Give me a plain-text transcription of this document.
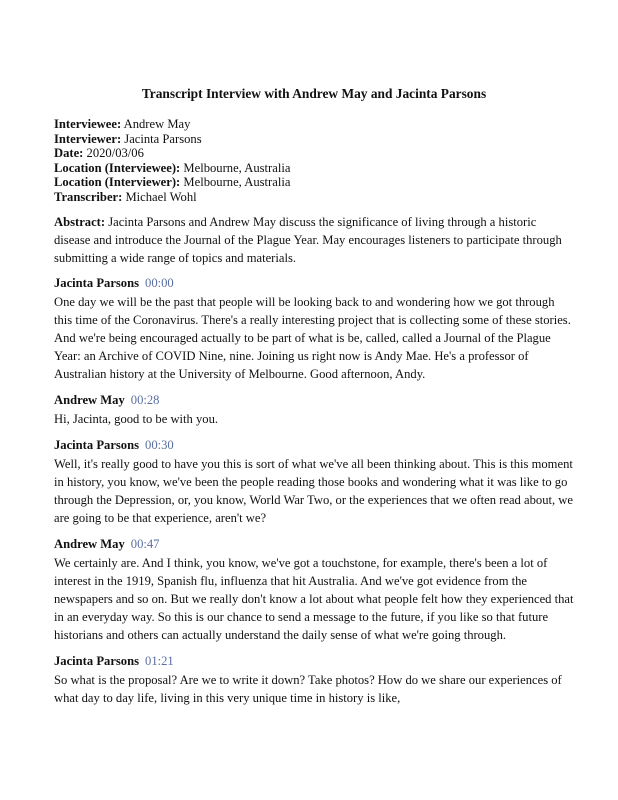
Transcript Interview with Andrew May and Jacinta Parsons
Interviewee: Andrew May
Interviewer: Jacinta Parsons
Date: 2020/03/06
Location (Interviewee): Melbourne, Australia
Location (Interviewer): Melbourne, Australia
Transcriber: Michael Wohl
Abstract: Jacinta Parsons and Andrew May discuss the significance of living through a historic disease and introduce the Journal of the Plague Year. May encourages listeners to participate through submitting a wide range of topics and materials.
Jacinta Parsons 00:00
One day we will be the past that people will be looking back to and wondering how we got through this time of the Coronavirus. There's a really interesting project that is collecting some of these stories. And we're being encouraged actually to be part of what is be, called, called a Journal of the Plague Year: an Archive of COVID Nine, nine. Joining us right now is Andy Mae. He's a professor of Australian history at the University of Melbourne. Good afternoon, Andy.
Andrew May 00:28
Hi, Jacinta, good to be with you.
Jacinta Parsons 00:30
Well, it's really good to have you this is sort of what we've all been thinking about. This is this moment in history, you know, we've been the people reading those books and wondering what it was like to go through the Depression, or, you know, World War Two, or the experiences that we often read about, we are going to be that experience, aren't we?
Andrew May 00:47
We certainly are. And I think, you know, we've got a touchstone, for example, there's been a lot of interest in the 1919, Spanish flu, influenza that hit Australia. And we've got evidence from the newspapers and so on. But we really don't know a lot about what people felt how they experienced that in an everyday way. So this is our chance to send a message to the future, if you like so that future historians and others can actually understand the daily sense of what we're going through.
Jacinta Parsons 01:21
So what is the proposal? Are we to write it down? Take photos? How do we share our experiences of what day to day life, living in this very unique time in history is like,
